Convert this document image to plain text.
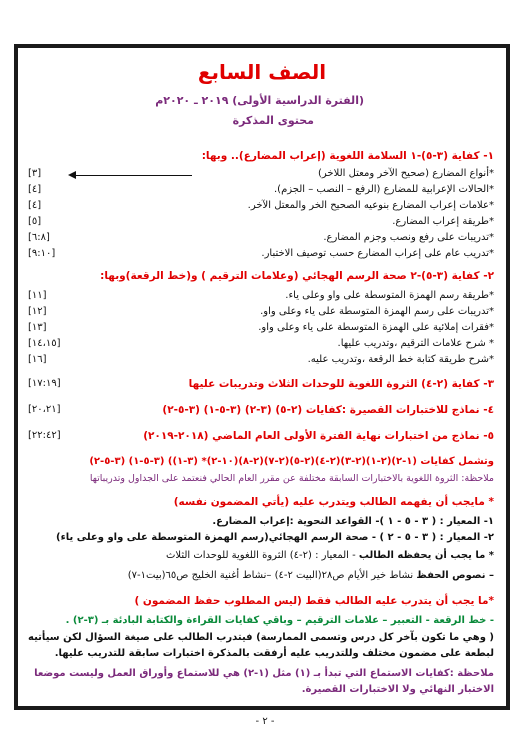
الصف السابع
(الفترة الدراسية الأولى) ٢٠١٩ ـ ٢٠٢٠م
محتوى المذكرة
١- كفاية (٣-٥)-١ السلامة اللغوية (إعراب المضارع).. وبها:
*أنواع المضارع (صحيح الآخر ومعتل اللاخر)
[٣]
*الحالات الإعرابية للمضارع (الرفع – النصب – الجزم).
[٤]
*علامات إعراب المضارع بنوعيه الصحيح الخر والمعتل الآخر.
[٤]
*طريقة إعراب المضارع.
[٥]
*تدريبات على رفع ونصب وجزم المضارع.
[٦:٨]
*تدريب عام على إعراب المضارع حسب توصيف الاختبار.
[٩:١٠]
٢- كفاية (٣-٥)-٢ صحة الرسم الهجائي (وعلامات الترقيم ) و(خط الرقعة)وبها:
*طريقة رسم الهمزة المتوسطة على واو وعلى ياء.
[١١]
*تدريبات على رسم الهمزة المتوسطة على ياء وعلى واو.
[١٢]
*فقرات إملائية على الهمزة المتوسطة على ياء وعلى واو.
[١٣]
* شرح علامات الترقيم ،وتدريب عليها.
[١٤،١٥]
*شرح طريقة كتابة خط الرقعة ،وتدريب عليه.
[١٦]
٣- كفاية (٢-٤) الثروة اللغوية للوحدات الثلاث وتدريبات عليها
[١٧:١٩]
٤- نماذج للاختبارات القصيرة :كفايات (٢-٥) (٣-٢) (٣-٥-١) (٣-٥-٢)
[٢٠،٢١]
٥- نماذج من اختبارات نهاية الفترة الأولى العام الماضي (٢٠١٨-٢٠١٩)
[٢٢:٤٢]
وتشمل كفايات (١-٢)(٢-١)(٢-٣)(٢-٤)(٢-٥)(٢-٧)(٢-٨)(١٠-٢)* (٣-١)) (٣-٥-١) (٣-٥-٢)
ملاحظة: الثروة اللغوية بالاختبارات السابقة مختلفة عن مقرر العام الحالي فنعتمد على الجداول وتدريباتها
* مايجب أن يفهمه الطالب ويتدرب عليه (يأتي المضمون نفسه)
١- المعيار : ( ٣ - ٥ - ١ )- القواعد النحوية :إعراب المضارع.
٢- المعيار : ( ٣ - ٥ - ٢ ) - صحة الرسم الهجائي(رسم الهمزة المتوسطة على واو وعلى ياء)
* ما يجب أن يحفظه الطالب - المعيار : (٢-٤) الثروة اللغوية للوحدات الثلاث
– نصوص الحفظ نشاط خير الأيام ص٢٨(البيت ٢-٤) –نشاط أغنية الخليج ص٦٥(بيت١-٧)
*ما يجب أن يتدرب عليه الطالب فقط (ليس المطلوب حفظ المضمون )
- خط الرقعة - التعبير – علامات الترقيم – وباقي كفايات القراءة والكتابة البادئة بـ (٣-٢) .
( وهي ما تكون بآخر كل درس وتسمى الممارسة) فيتدرب الطالب على صيغة السؤال لكن سيأتيه
لبطعة على مضمون مختلف وللتدريب عليه أرفقت بالمذكرة اختبارات سابقة للتدريب عليها.
ملاحظة :كفايات الاستماع التي تبدأ بـ (١) مثل (١-٢) هي للاستماع وأوراق العمل وليست موضعا
الاختبار النهائي ولا الاختبارات القصيرة.
- ٢ -
